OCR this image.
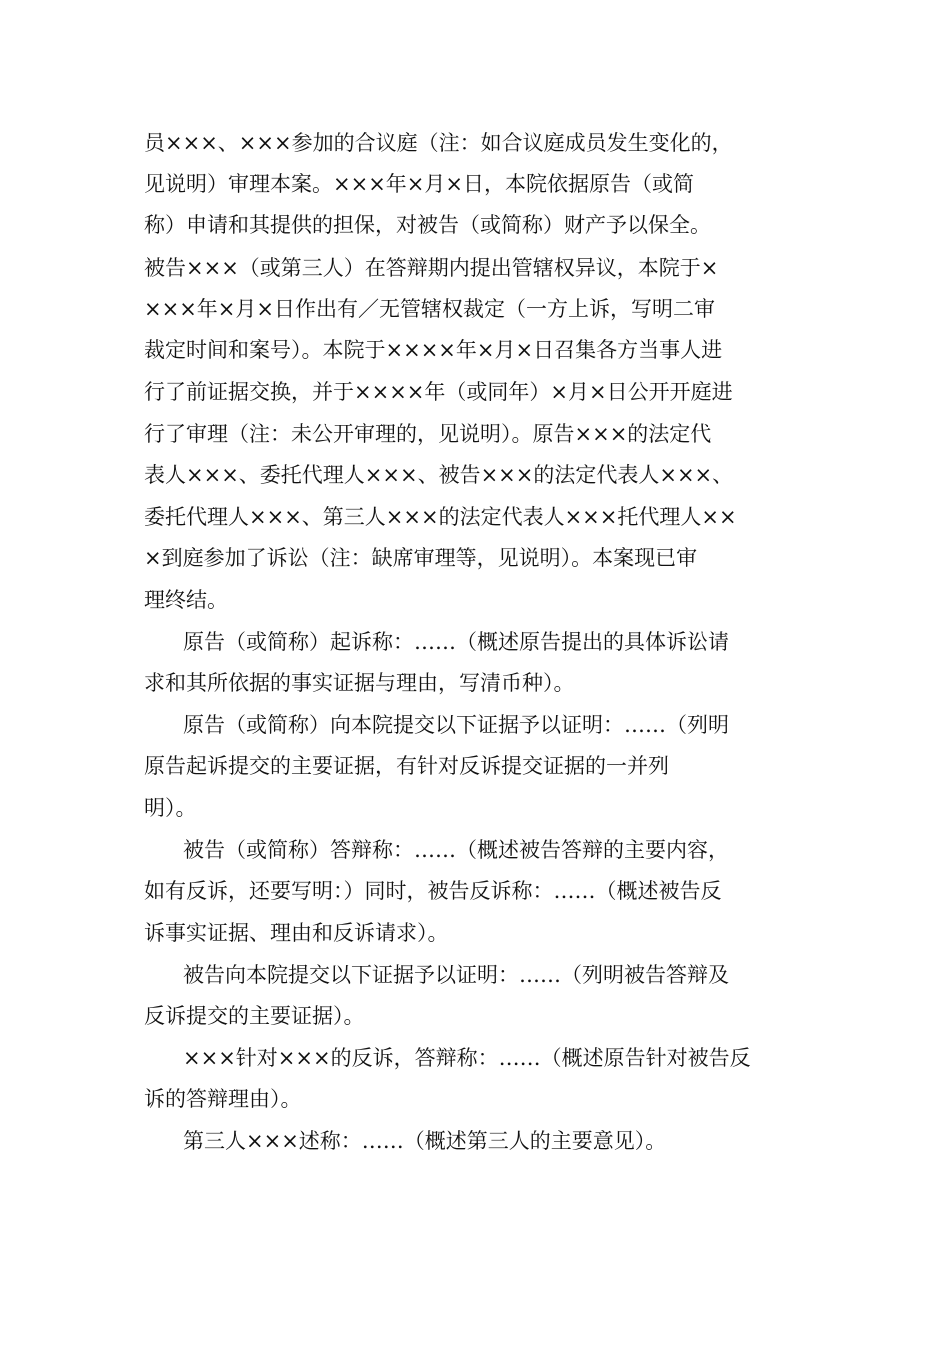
员×××、×××参加的合议庭（注：如合议庭成员发生变化的，
见说明）审理本案。×××年×月×日，本院依据原告（或简
称）申请和其提供的担保，对被告（或简称）财产予以保全。
被告×××（或第三人）在答辩期内提出管辖权异议，本院于×
×××年×月×日作出有／无管辖权裁定（一方上诉，写明二审
裁定时间和案号）。本院于××××年×月×日召集各方当事人进
行了前证据交换，并于××××年（或同年）×月×日公开开庭进
行了审理（注：未公开审理的，见说明）。原告×××的法定代
表人×××、委托代理人×××、被告×××的法定代表人×××、
委托代理人×××、第三人×××的法定代表人×××托代理人××
×到庭参加了诉讼（注：缺席审理等，见说明）。本案现已审
理终结。
原告（或简称）起诉称：……（概述原告提出的具体诉讼请
求和其所依据的事实证据与理由，写清币种）。
原告（或简称）向本院提交以下证据予以证明：……（列明
原告起诉提交的主要证据，有针对反诉提交证据的一并列
明）。
被告（或简称）答辩称：……（概述被告答辩的主要内容，
如有反诉，还要写明：）同时，被告反诉称：……（概述被告反
诉事实证据、理由和反诉请求）。
被告向本院提交以下证据予以证明：……（列明被告答辩及
反诉提交的主要证据）。
×××针对×××的反诉，答辩称：……（概述原告针对被告反
诉的答辩理由）。
第三人×××述称：……（概述第三人的主要意见）。
